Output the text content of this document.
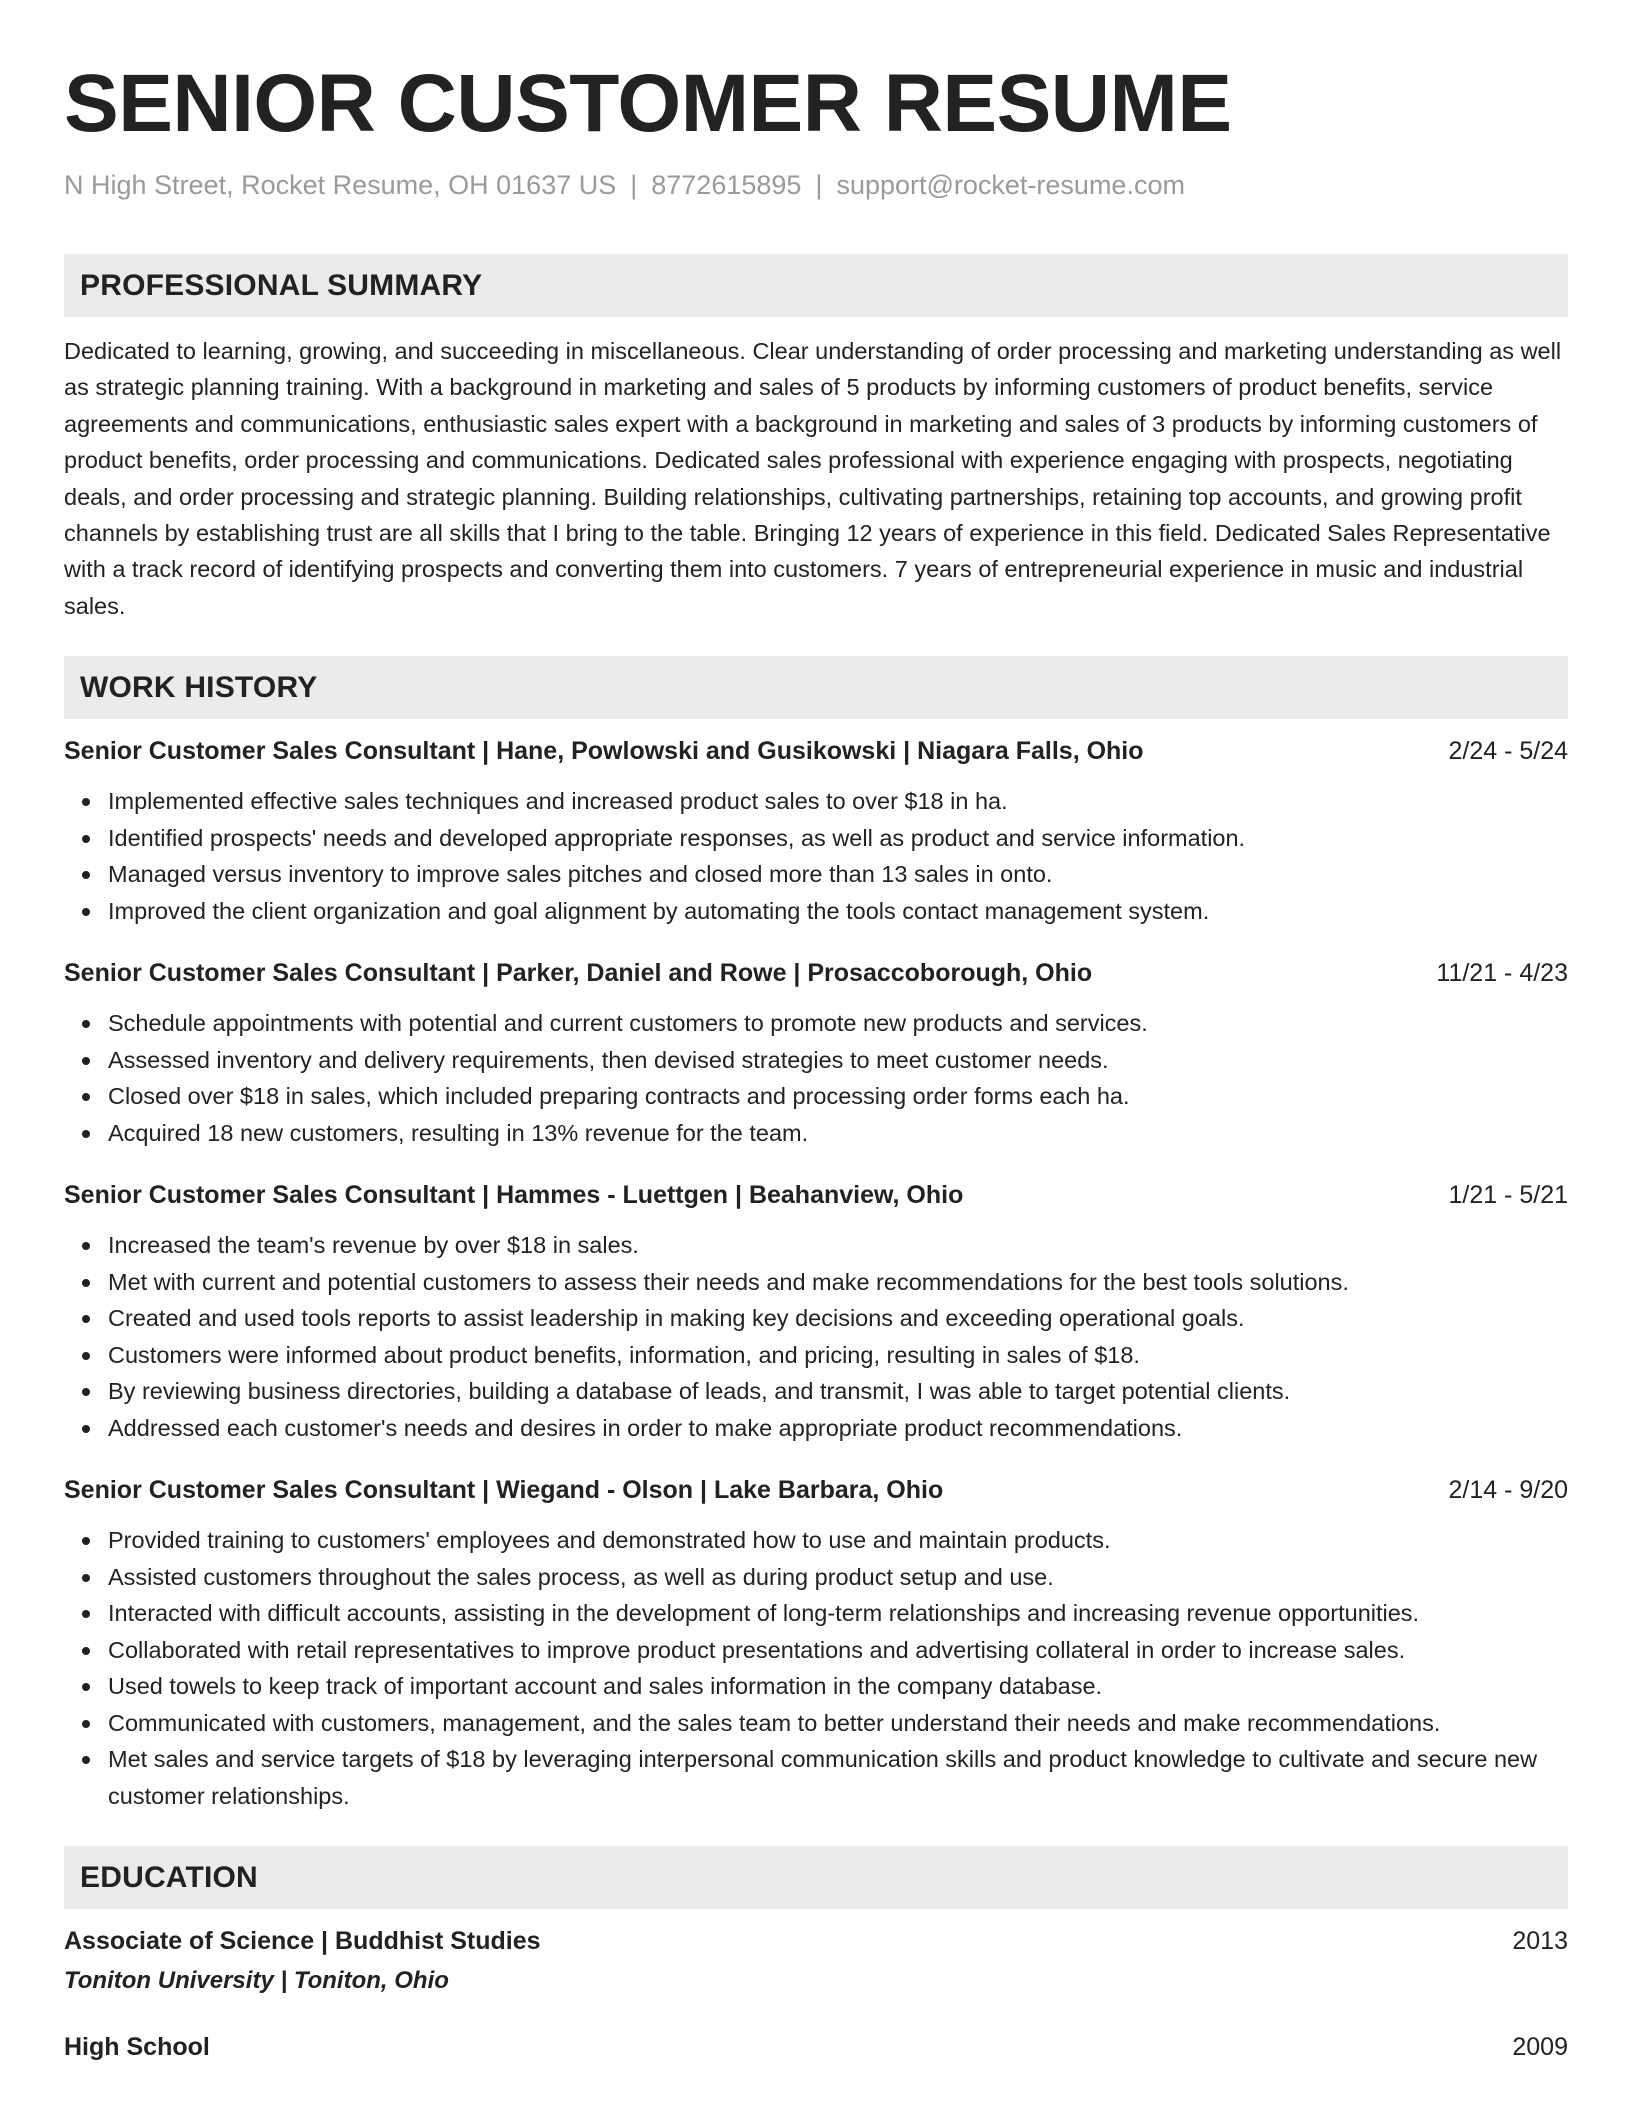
SENIOR CUSTOMER RESUME
N High Street, Rocket Resume, OH 01637 US | 8772615895 | support@rocket-resume.com
PROFESSIONAL SUMMARY
Dedicated to learning, growing, and succeeding in miscellaneous. Clear understanding of order processing and marketing understanding as well as strategic planning training. With a background in marketing and sales of 5 products by informing customers of product benefits, service agreements and communications, enthusiastic sales expert with a background in marketing and sales of 3 products by informing customers of product benefits, order processing and communications. Dedicated sales professional with experience engaging with prospects, negotiating deals, and order processing and strategic planning. Building relationships, cultivating partnerships, retaining top accounts, and growing profit channels by establishing trust are all skills that I bring to the table. Bringing 12 years of experience in this field. Dedicated Sales Representative with a track record of identifying prospects and converting them into customers. 7 years of entrepreneurial experience in music and industrial sales.
WORK HISTORY
Senior Customer Sales Consultant | Hane, Powlowski and Gusikowski | Niagara Falls, Ohio	2/24 - 5/24
Implemented effective sales techniques and increased product sales to over $18 in ha.
Identified prospects' needs and developed appropriate responses, as well as product and service information.
Managed versus inventory to improve sales pitches and closed more than 13 sales in onto.
Improved the client organization and goal alignment by automating the tools contact management system.
Senior Customer Sales Consultant | Parker, Daniel and Rowe | Prosaccoborough, Ohio	11/21 - 4/23
Schedule appointments with potential and current customers to promote new products and services.
Assessed inventory and delivery requirements, then devised strategies to meet customer needs.
Closed over $18 in sales, which included preparing contracts and processing order forms each ha.
Acquired 18 new customers, resulting in 13% revenue for the team.
Senior Customer Sales Consultant | Hammes - Luettgen | Beahanview, Ohio	1/21 - 5/21
Increased the team's revenue by over $18 in sales.
Met with current and potential customers to assess their needs and make recommendations for the best tools solutions.
Created and used tools reports to assist leadership in making key decisions and exceeding operational goals.
Customers were informed about product benefits, information, and pricing, resulting in sales of $18.
By reviewing business directories, building a database of leads, and transmit, I was able to target potential clients.
Addressed each customer's needs and desires in order to make appropriate product recommendations.
Senior Customer Sales Consultant | Wiegand - Olson | Lake Barbara, Ohio	2/14 - 9/20
Provided training to customers' employees and demonstrated how to use and maintain products.
Assisted customers throughout the sales process, as well as during product setup and use.
Interacted with difficult accounts, assisting in the development of long-term relationships and increasing revenue opportunities.
Collaborated with retail representatives to improve product presentations and advertising collateral in order to increase sales.
Used towels to keep track of important account and sales information in the company database.
Communicated with customers, management, and the sales team to better understand their needs and make recommendations.
Met sales and service targets of $18 by leveraging interpersonal communication skills and product knowledge to cultivate and secure new customer relationships.
EDUCATION
Associate of Science | Buddhist Studies	2013
Toniton University | Toniton, Ohio
High School	2009
